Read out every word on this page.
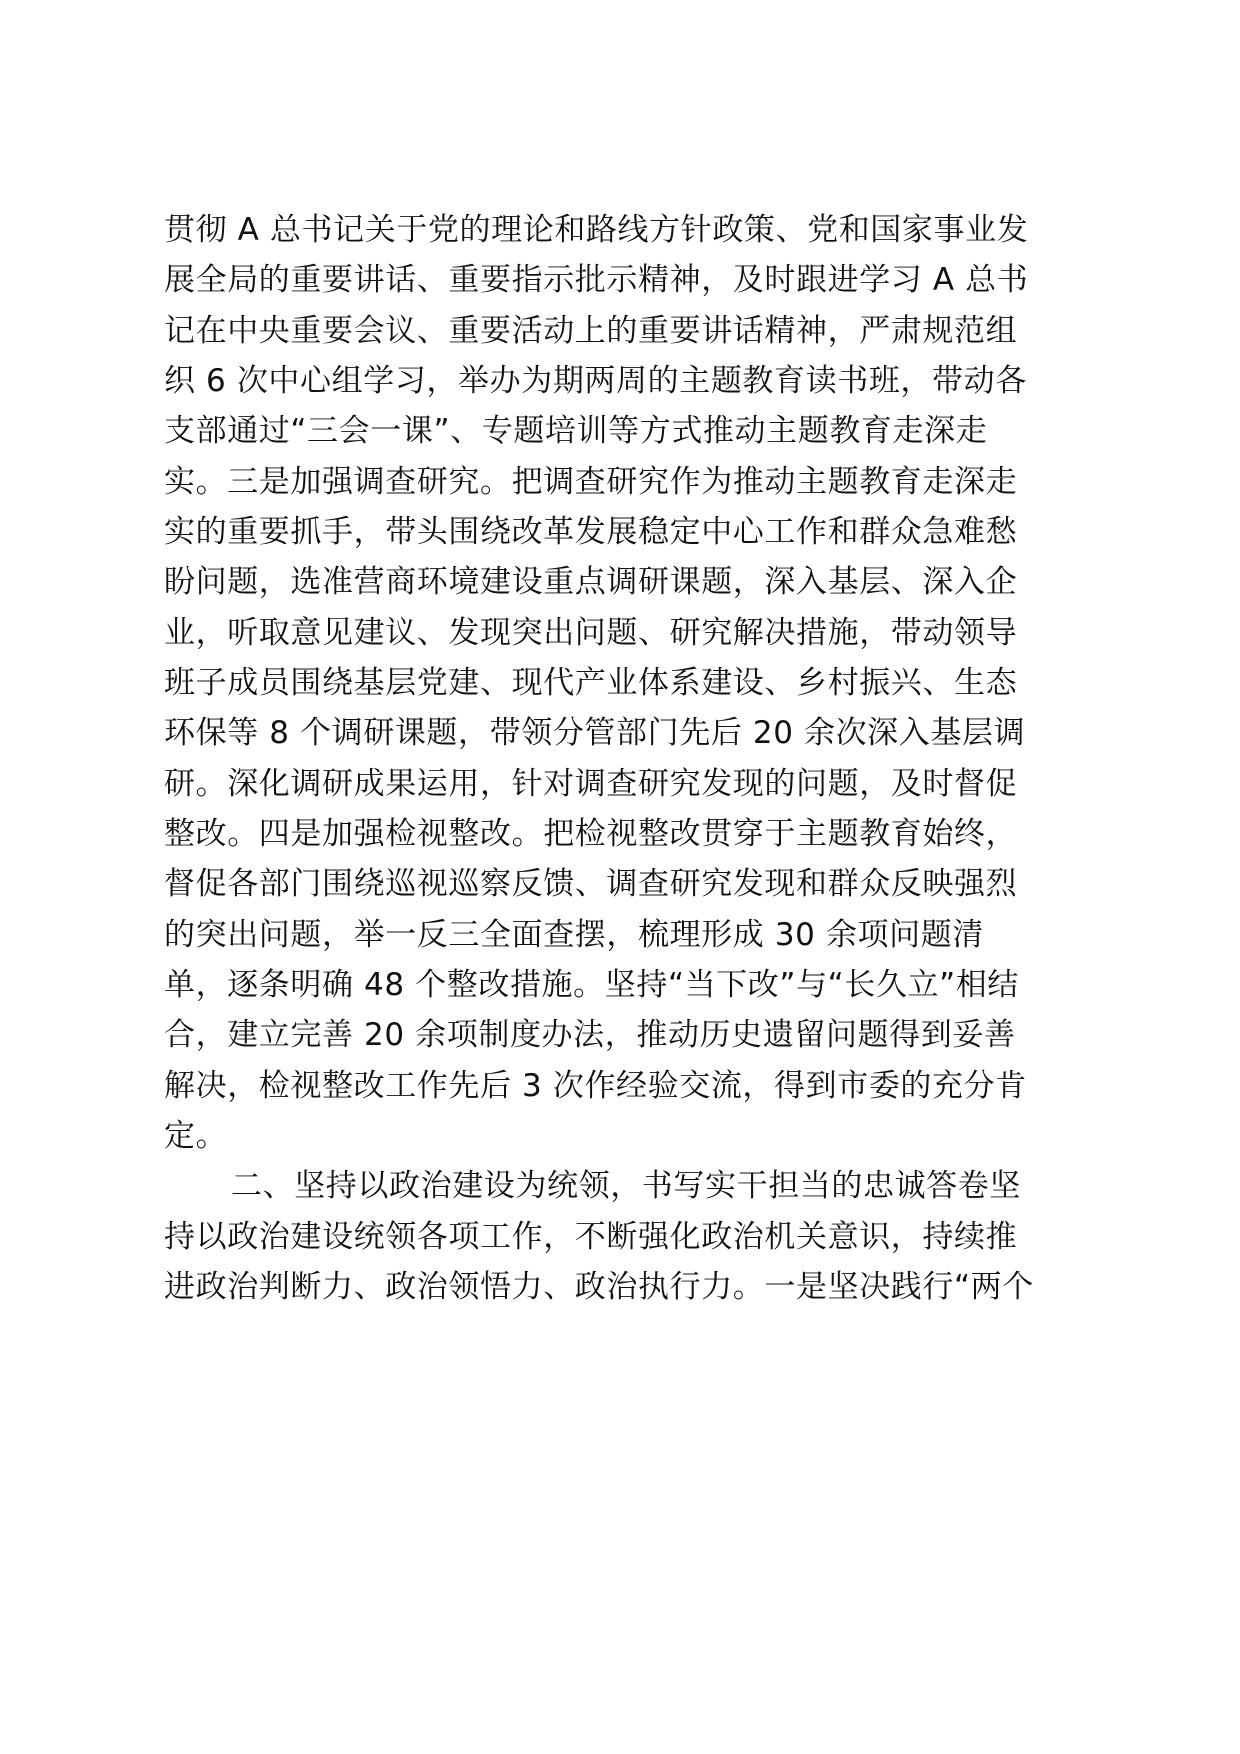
贯彻 A 总书记关于党的理论和路线方针政策、党和国家事业发
展全局的重要讲话、重要指示批示精神，及时跟进学习 A 总书
记在中央重要会议、重要活动上的重要讲话精神，严肃规范组
织 6 次中心组学习，举办为期两周的主题教育读书班，带动各
支部通过“三会一课”、专题培训等方式推动主题教育走深走
实。三是加强调查研究。把调查研究作为推动主题教育走深走
实的重要抓手，带头围绕改革发展稳定中心工作和群众急难愁
盼问题，选准营商环境建设重点调研课题，深入基层、深入企
业，听取意见建议、发现突出问题、研究解决措施，带动领导
班子成员围绕基层党建、现代产业体系建设、乡村振兴、生态
环保等 8 个调研课题，带领分管部门先后 20 余次深入基层调
研。深化调研成果运用，针对调查研究发现的问题，及时督促
整改。四是加强检视整改。把检视整改贯穿于主题教育始终，
督促各部门围绕巡视巡察反馈、调查研究发现和群众反映强烈
的突出问题，举一反三全面查摆，梳理形成 30 余项问题清
单，逐条明确 48 个整改措施。坚持“当下改”与“长久立”相结
合，建立完善 20 余项制度办法，推动历史遗留问题得到妥善
解决，检视整改工作先后 3 次作经验交流，得到市委的充分肯
定。
二、坚持以政治建设为统领，书写实干担当的忠诚答卷坚
持以政治建设统领各项工作，不断强化政治机关意识，持续推
进政治判断力、政治领悟力、政治执行力。一是坚决践行“两个
